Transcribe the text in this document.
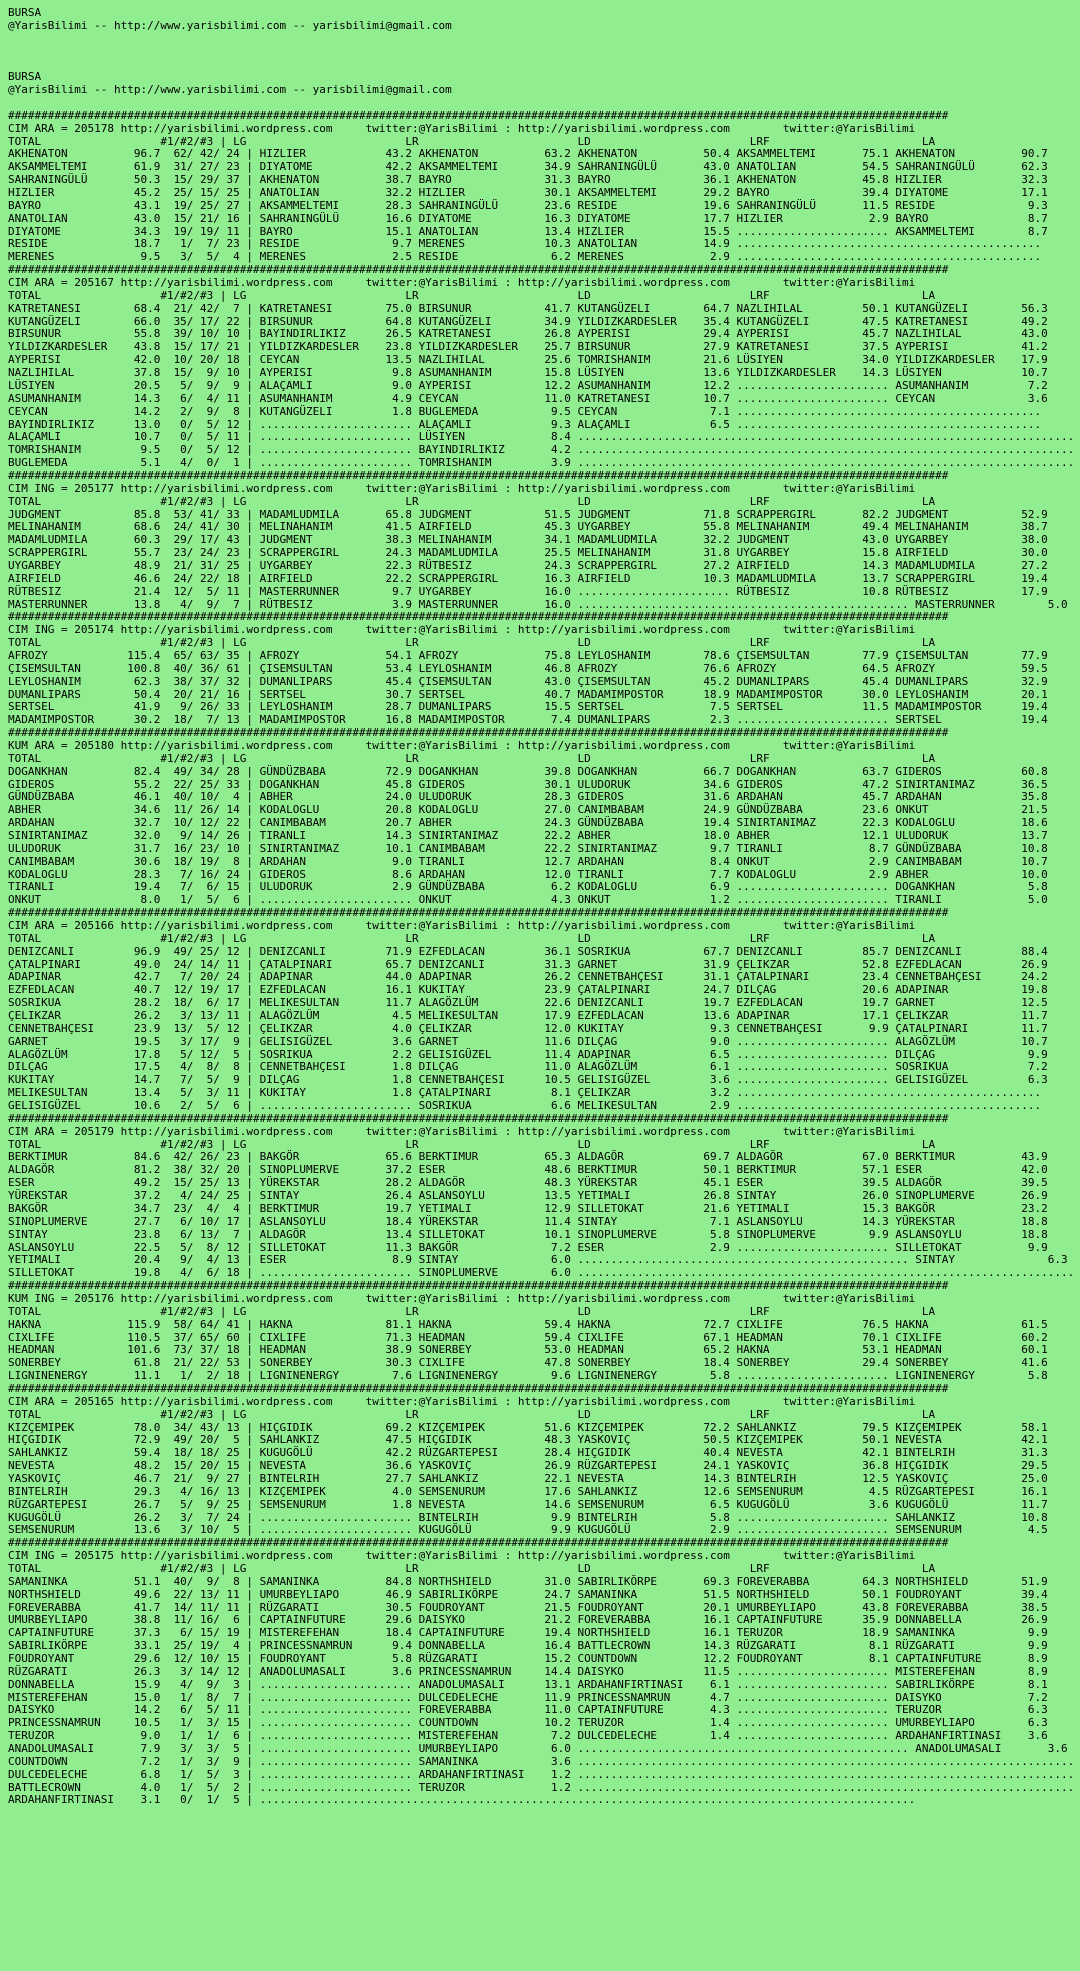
BURSA
@YarisBilimi -- http://www.yarisbilimi.com -- yarisbilimi@gmail.com
BURSA
@YarisBilimi -- http://www.yarisbilimi.com -- yarisbilimi@gmail.com
##############################################################################################################################################
CIM ARA = 205178 http://yarisbilimi.wordpress.com     twitter:@YarisBilimi : http://yarisbilimi.wordpress.com        twitter:@YarisBilimi
TOTAL                  #1/#2/#3 | LG                        LR                        LD                        LRF                       LA
AKHENATON          96.7  62/ 42/ 24 | HIZLIER            43.2 AKHENATON          63.2 AKHENATON          50.4 AKSAMMELTEMI       75.1 AKHENATON          90.7
AKSAMMELTEMI       61.9  31/ 27/ 23 | DIYATOME           42.2 AKSAMMELTEMI       34.9 SAHRANINGÜLÜ       43.0 ANATOLIAN          54.5 SAHRANINGÜLÜ       62.3
SAHRANINGÜLÜ       50.3  15/ 29/ 37 | AKHENATON          38.7 BAYRO              31.3 BAYRO              36.1 AKHENATON          45.8 HIZLIER            32.3
HIZLIER            45.2  25/ 15/ 25 | ANATOLIAN          32.2 HIZLIER            30.1 AKSAMMELTEMI       29.2 BAYRO              39.4 DIYATOME           17.1
BAYRO              43.1  19/ 25/ 27 | AKSAMMELTEMI       28.3 SAHRANINGÜLÜ       23.6 RESIDE             19.6 SAHRANINGÜLÜ       11.5 RESIDE              9.3
ANATOLIAN          43.0  15/ 21/ 16 | SAHRANINGÜLÜ       16.6 DIYATOME           16.3 DIYATOME           17.7 HIZLIER             2.9 BAYRO               8.7
DIYATOME           34.3  19/ 19/ 11 | BAYRO              15.1 ANATOLIAN          13.4 HIZLIER            15.5 ....................... AKSAMMELTEMI        8.7
RESIDE             18.7   1/  7/ 23 | RESIDE              9.7 MERENES            10.3 ANATOLIAN          14.9 ..............................................
MERENES             9.5   3/  5/  4 | MERENES             2.5 RESIDE              6.2 MERENES             2.9 ..............................................
##############################################################################################################################################
CIM ARA = 205167 http://yarisbilimi.wordpress.com     twitter:@YarisBilimi : http://yarisbilimi.wordpress.com        twitter:@YarisBilimi
TOTAL                  #1/#2/#3 | LG                        LR                        LD                        LRF                       LA
KATRETANESI        68.4  21/ 42/  7 | KATRETANESI        75.0 BIRSUNUR           41.7 KUTANGÜZELI        64.7 NAZLIHILAL         50.1 KUTANGÜZELI        56.3
KUTANGÜZELI        66.0  35/ 17/ 22 | BIRSUNUR           64.8 KUTANGÜZELI        34.9 YILDIZKARDESLER    35.4 KUTANGÜZELI        47.5 KATRETANESI        49.2
BIRSUNUR           55.8  39/ 10/ 10 | BAYINDIRLIKIZ      26.5 KATRETANESI        26.8 AYPERISI           29.4 AYPERISI           45.7 NAZLIHILAL         43.0
YILDIZKARDESLER    43.8  15/ 17/ 21 | YILDIZKARDESLER    23.8 YILDIZKARDESLER    25.7 BIRSUNUR           27.9 KATRETANESI        37.5 AYPERISI           41.2
AYPERISI           42.0  10/ 20/ 18 | CEYCAN             13.5 NAZLIHILAL         25.6 TOMRISHANIM        21.6 LÜSIYEN            34.0 YILDIZKARDESLER    17.9
NAZLIHILAL         37.8  15/  9/ 10 | AYPERISI            9.8 ASUMANHANIM        15.8 LÜSIYEN            13.6 YILDIZKARDESLER    14.3 LÜSIYEN            10.7
LÜSIYEN            20.5   5/  9/  9 | ALAÇAMLI            9.0 AYPERISI           12.2 ASUMANHANIM        12.2 ....................... ASUMANHANIM         7.2
ASUMANHANIM        14.3   6/  4/ 11 | ASUMANHANIM         4.9 CEYCAN             11.0 KATRETANESI        10.7 ....................... CEYCAN              3.6
CEYCAN             14.2   2/  9/  8 | KUTANGÜZELI         1.8 BUGLEMEDA           9.5 CEYCAN              7.1 ..............................................
BAYINDIRLIKIZ      13.0   0/  5/ 12 | ....................... ALAÇAMLI            9.3 ALAÇAMLI            6.5 ..............................................
ALAÇAMLI           10.7   0/  5/ 11 | ....................... LÜSIYEN             8.4 ...........................................................................
TOMRISHANIM         9.5   0/  5/ 12 | ....................... BAYINDIRLIKIZ       4.2 ...........................................................................
BUGLEMEDA           5.1   4/  0/  1 | ....................... TOMRISHANIM         3.9 ...........................................................................
##############################################################################################################################################
CIM ING = 205177 http://yarisbilimi.wordpress.com     twitter:@YarisBilimi : http://yarisbilimi.wordpress.com        twitter:@YarisBilimi
TOTAL                  #1/#2/#3 | LG                        LR                        LD                        LRF                       LA
JUDGMENT           85.8  53/ 41/ 33 | MADAMLUDMILA       65.8 JUDGMENT           51.5 JUDGMENT           71.8 SCRAPPERGIRL       82.2 JUDGMENT           52.9
MELINAHANIM        68.6  24/ 41/ 30 | MELINAHANIM        41.5 AIRFIELD           45.3 UYGARBEY           55.8 MELINAHANIM        49.4 MELINAHANIM        38.7
MADAMLUDMILA       60.3  29/ 17/ 43 | JUDGMENT           38.3 MELINAHANIM        34.1 MADAMLUDMILA       32.2 JUDGMENT           43.0 UYGARBEY           38.0
SCRAPPERGIRL       55.7  23/ 24/ 23 | SCRAPPERGIRL       24.3 MADAMLUDMILA       25.5 MELINAHANIM        31.8 UYGARBEY           15.8 AIRFIELD           30.0
UYGARBEY           48.9  21/ 31/ 25 | UYGARBEY           22.3 RÜTBESIZ           24.3 SCRAPPERGIRL       27.2 AIRFIELD           14.3 MADAMLUDMILA       27.2
AIRFIELD           46.6  24/ 22/ 18 | AIRFIELD           22.2 SCRAPPERGIRL       16.3 AIRFIELD           10.3 MADAMLUDMILA       13.7 SCRAPPERGIRL       19.4
RÜTBESIZ           21.4  12/  5/ 11 | MASTERRUNNER        9.7 UYGARBEY           16.0 ....................... RÜTBESIZ           10.8 RÜTBESIZ           17.9
MASTERRUNNER       13.8   4/  9/  7 | RÜTBESIZ            3.9 MASTERRUNNER       16.0 .................................................. MASTERRUNNER        5.0
##############################################################################################################################################
CIM ING = 205174 http://yarisbilimi.wordpress.com     twitter:@YarisBilimi : http://yarisbilimi.wordpress.com        twitter:@YarisBilimi
TOTAL                  #1/#2/#3 | LG                        LR                        LD                        LRF                       LA
AFROZY            115.4  65/ 63/ 35 | AFROZY             54.1 AFROZY             75.8 LEYLOSHANIM        78.6 ÇISEMSULTAN        77.9 ÇISEMSULTAN        77.9
ÇISEMSULTAN       100.8  40/ 36/ 61 | ÇISEMSULTAN        53.4 LEYLOSHANIM        46.8 AFROZY             76.6 AFROZY             64.5 AFROZY             59.5
LEYLOSHANIM        62.3  38/ 37/ 32 | DUMANLIPARS        45.4 ÇISEMSULTAN        43.0 ÇISEMSULTAN        45.2 DUMANLIPARS        45.4 DUMANLIPARS        32.9
DUMANLIPARS        50.4  20/ 21/ 16 | SERTSEL            30.7 SERTSEL            40.7 MADAMIMPOSTOR      18.9 MADAMIMPOSTOR      30.0 LEYLOSHANIM        20.1
SERTSEL            41.9   9/ 26/ 33 | LEYLOSHANIM        28.7 DUMANLIPARS        15.5 SERTSEL             7.5 SERTSEL            11.5 MADAMIMPOSTOR      19.4
MADAMIMPOSTOR      30.2  18/  7/ 13 | MADAMIMPOSTOR      16.8 MADAMIMPOSTOR       7.4 DUMANLIPARS         2.3 ....................... SERTSEL            19.4
##############################################################################################################################################
KUM ARA = 205180 http://yarisbilimi.wordpress.com     twitter:@YarisBilimi : http://yarisbilimi.wordpress.com        twitter:@YarisBilimi
TOTAL                  #1/#2/#3 | LG                        LR                        LD                        LRF                       LA
DOGANKHAN          82.4  49/ 34/ 28 | GÜNDÜZBABA         72.9 DOGANKHAN          39.8 DOGANKHAN          66.7 DOGANKHAN          63.7 GIDEROS            60.8
GIDEROS            55.2  22/ 25/ 33 | DOGANKHAN          45.8 GIDEROS            30.1 ULUDORUK           34.6 GIDEROS            47.2 SINIRTANIMAZ       36.5
GÜNDÜZBABA         46.1  40/ 10/  4 | ABHER              24.0 ULUDORUK           28.3 GIDEROS            31.6 ARDAHAN            45.7 ARDAHAN            35.8
ABHER              34.6  11/ 26/ 14 | KODALOGLU          20.8 KODALOGLU          27.0 CANIMBABAM         24.9 GÜNDÜZBABA         23.6 ONKUT              21.5
ARDAHAN            32.7  10/ 12/ 22 | CANIMBABAM         20.7 ABHER              24.3 GÜNDÜZBABA         19.4 SINIRTANIMAZ       22.3 KODALOGLU          18.6
SINIRTANIMAZ       32.0   9/ 14/ 26 | TIRANLI            14.3 SINIRTANIMAZ       22.2 ABHER              18.0 ABHER              12.1 ULUDORUK           13.7
ULUDORUK           31.7  16/ 23/ 10 | SINIRTANIMAZ       10.1 CANIMBABAM         22.2 SINIRTANIMAZ        9.7 TIRANLI             8.7 GÜNDÜZBABA         10.8
CANIMBABAM         30.6  18/ 19/  8 | ARDAHAN             9.0 TIRANLI            12.7 ARDAHAN             8.4 ONKUT               2.9 CANIMBABAM         10.7
KODALOGLU          28.3   7/ 16/ 24 | GIDEROS             8.6 ARDAHAN            12.0 TIRANLI             7.7 KODALOGLU           2.9 ABHER              10.0
TIRANLI            19.4   7/  6/ 15 | ULUDORUK            2.9 GÜNDÜZBABA          6.2 KODALOGLU           6.9 ....................... DOGANKHAN           5.8
ONKUT               8.0   1/  5/  6 | ....................... ONKUT               4.3 ONKUT               1.2 ....................... TIRANLI             5.0
##############################################################################################################################################
CIM ARA = 205166 http://yarisbilimi.wordpress.com     twitter:@YarisBilimi : http://yarisbilimi.wordpress.com        twitter:@YarisBilimi
TOTAL                  #1/#2/#3 | LG                        LR                        LD                        LRF                       LA
DENIZCANLI         96.9  49/ 25/ 12 | DENIZCANLI         71.9 EZFEDLACAN         36.1 SOSRIKUA           67.7 DENIZCANLI         85.7 DENIZCANLI         88.4
ÇATALPINARI        49.0  24/ 14/ 11 | ÇATALPINARI        65.7 DENIZCANLI         31.3 GARNET             31.9 ÇELIKZAR           52.8 EZFEDLACAN         26.9
ADAPINAR           42.7   7/ 20/ 24 | ADAPINAR           44.0 ADAPINAR           26.2 CENNETBAHÇESI      31.1 ÇATALPINARI        23.4 CENNETBAHÇESI      24.2
EZFEDLACAN         40.7  12/ 19/ 17 | EZFEDLACAN         16.1 KUKITAY            23.9 ÇATALPINARI        24.7 DILÇAG             20.6 ADAPINAR           19.8
SOSRIKUA           28.2  18/  6/ 17 | MELIKESULTAN       11.7 ALAGÖZLÜM          22.6 DENIZCANLI         19.7 EZFEDLACAN         19.7 GARNET             12.5
ÇELIKZAR           26.2   3/ 13/ 11 | ALAGÖZLÜM           4.5 MELIKESULTAN       17.9 EZFEDLACAN         13.6 ADAPINAR           17.1 ÇELIKZAR           11.7
CENNETBAHÇESI      23.9  13/  5/ 12 | ÇELIKZAR            4.0 ÇELIKZAR           12.0 KUKITAY             9.3 CENNETBAHÇESI       9.9 ÇATALPINARI        11.7
GARNET             19.5   3/ 17/  9 | GELISIGÜZEL         3.6 GARNET             11.6 DILÇAG              9.0 ....................... ALAGÖZLÜM          10.7
ALAGÖZLÜM          17.8   5/ 12/  5 | SOSRIKUA            2.2 GELISIGÜZEL        11.4 ADAPINAR            6.5 ....................... DILÇAG              9.9
DILÇAG             17.5   4/  8/  8 | CENNETBAHÇESI       1.8 DILÇAG             11.0 ALAGÖZLÜM           6.1 ....................... SOSRIKUA            7.2
KUKITAY            14.7   7/  5/  9 | DILÇAG              1.8 CENNETBAHÇESI      10.5 GELISIGÜZEL         3.6 ....................... GELISIGÜZEL         6.3
MELIKESULTAN       13.4   5/  3/ 11 | KUKITAY             1.8 ÇATALPINARI         8.1 ÇELIKZAR            3.2 ..............................................
GELISIGÜZEL        10.6   2/  5/  6 | ....................... SOSRIKUA            6.6 MELIKESULTAN        2.9 ..............................................
##############################################################################################################################################
CIM ARA = 205179 http://yarisbilimi.wordpress.com     twitter:@YarisBilimi : http://yarisbilimi.wordpress.com        twitter:@YarisBilimi
TOTAL                  #1/#2/#3 | LG                        LR                        LD                        LRF                       LA
BERKTIMUR          84.6  42/ 26/ 23 | BAKGÖR             65.6 BERKTIMUR          65.3 ALDAGÖR            69.7 ALDAGÖR            67.0 BERKTIMUR          43.9
ALDAGÖR            81.2  38/ 32/ 20 | SINOPLUMERVE       37.2 ESER               48.6 BERKTIMUR          50.1 BERKTIMUR          57.1 ESER               42.0
ESER               49.2  15/ 25/ 13 | YÜREKSTAR          28.2 ALDAGÖR            48.3 YÜREKSTAR          45.1 ESER               39.5 ALDAGÖR            39.5
YÜREKSTAR          37.2   4/ 24/ 25 | SINTAY             26.4 ASLANSOYLU         13.5 YETIMALI           26.8 SINTAY             26.0 SINOPLUMERVE       26.9
BAKGÖR             34.7  23/  4/  4 | BERKTIMUR          19.7 YETIMALI           12.9 SILLETOKAT         21.6 YETIMALI           15.3 BAKGÖR             23.2
SINOPLUMERVE       27.7   6/ 10/ 17 | ASLANSOYLU         18.4 YÜREKSTAR          11.4 SINTAY              7.1 ASLANSOYLU         14.3 YÜREKSTAR          18.8
SINTAY             23.8   6/ 13/  7 | ALDAGÖR            13.4 SILLETOKAT         10.1 SINOPLUMERVE        5.8 SINOPLUMERVE        9.9 ASLANSOYLU         18.8
ASLANSOYLU         22.5   5/  8/ 12 | SILLETOKAT         11.3 BAKGÖR              7.2 ESER                2.9 ....................... SILLETOKAT          9.9
YETIMALI           20.4   9/  4/ 13 | ESER                8.9 SINTAY              6.0 .................................................. SINTAY              6.3
SILLETOKAT         19.8   4/  6/ 18 | ....................... SINOPLUMERVE        6.0 ...........................................................................
##############################################################################################################################################
KUM ING = 205176 http://yarisbilimi.wordpress.com     twitter:@YarisBilimi : http://yarisbilimi.wordpress.com        twitter:@YarisBilimi
TOTAL                  #1/#2/#3 | LG                        LR                        LD                        LRF                       LA
HAKNA             115.9  58/ 64/ 41 | HAKNA              81.1 HAKNA              59.4 HAKNA              72.7 CIXLIFE            76.5 HAKNA              61.5
CIXLIFE           110.5  37/ 65/ 60 | CIXLIFE            71.3 HEADMAN            59.4 CIXLIFE            67.1 HEADMAN            70.1 CIXLIFE            60.2
HEADMAN           101.6  73/ 37/ 18 | HEADMAN            38.9 SONERBEY           53.0 HEADMAN            65.2 HAKNA              53.1 HEADMAN            60.1
SONERBEY           61.8  21/ 22/ 53 | SONERBEY           30.3 CIXLIFE            47.8 SONERBEY           18.4 SONERBEY           29.4 SONERBEY           41.6
LIGNINENERGY       11.1   1/  2/ 18 | LIGNINENERGY        7.6 LIGNINENERGY        9.6 LIGNINENERGY        5.8 ....................... LIGNINENERGY        5.8
##############################################################################################################################################
CIM ARA = 205165 http://yarisbilimi.wordpress.com     twitter:@YarisBilimi : http://yarisbilimi.wordpress.com        twitter:@YarisBilimi
TOTAL                  #1/#2/#3 | LG                        LR                        LD                        LRF                       LA
KIZÇEMIPEK         78.0  34/ 43/ 13 | HIÇGIDIK           69.2 KIZÇEMIPEK         51.6 KIZÇEMIPEK         72.2 SAHLANKIZ          79.5 KIZÇEMIPEK         58.1
HIÇGIDIK           72.9  49/ 20/  5 | SAHLANKIZ          47.5 HIÇGIDIK           48.3 YASKOVIÇ           50.5 KIZÇEMIPEK         50.1 NEVESTA            42.1
SAHLANKIZ          59.4  18/ 18/ 25 | KUGUGÖLÜ           42.2 RÜZGARTEPESI       28.4 HIÇGIDIK           40.4 NEVESTA            42.1 BINTELRIH          31.3
NEVESTA            48.2  15/ 20/ 15 | NEVESTA            36.6 YASKOVIÇ           26.9 RÜZGARTEPESI       24.1 YASKOVIÇ           36.8 HIÇGIDIK           29.5
YASKOVIÇ           46.7  21/  9/ 27 | BINTELRIH          27.7 SAHLANKIZ          22.1 NEVESTA            14.3 BINTELRIH          12.5 YASKOVIÇ           25.0
BINTELRIH          29.3   4/ 16/ 13 | KIZÇEMIPEK          4.0 SEMSENURUM         17.6 SAHLANKIZ          12.6 SEMSENURUM          4.5 RÜZGARTEPESI       16.1
RÜZGARTEPESI       26.7   5/  9/ 25 | SEMSENURUM          1.8 NEVESTA            14.6 SEMSENURUM          6.5 KUGUGÖLÜ            3.6 KUGUGÖLÜ           11.7
KUGUGÖLÜ           26.2   3/  7/ 24 | ....................... BINTELRIH           9.9 BINTELRIH           5.8 ....................... SAHLANKIZ          10.8
SEMSENURUM         13.6   3/ 10/  5 | ....................... KUGUGÖLÜ            9.9 KUGUGÖLÜ            2.9 ....................... SEMSENURUM          4.5
##############################################################################################################################################
CIM ING = 205175 http://yarisbilimi.wordpress.com     twitter:@YarisBilimi : http://yarisbilimi.wordpress.com        twitter:@YarisBilimi
TOTAL                  #1/#2/#3 | LG                        LR                        LD                        LRF                       LA
SAMANINKA          51.1  40/  9/  8 | SAMANINKA          84.8 NORTHSHIELD        31.0 SABIRLIKÖRPE       69.3 FOREVERABBA        64.3 NORTHSHIELD        51.9
NORTHSHIELD        49.6  22/ 13/ 11 | UMURBEYLIAPO       46.9 SABIRLIKÖRPE       24.7 SAMANINKA          51.5 NORTHSHIELD        50.1 FOUDROYANT         39.4
FOREVERABBA        41.7  14/ 11/ 11 | RÜZGARATI          30.5 FOUDROYANT         21.5 FOUDROYANT         20.1 UMURBEYLIAPO       43.8 FOREVERABBA        38.5
UMURBEYLIAPO       38.8  11/ 16/  6 | CAPTAINFUTURE      29.6 DAISYKO            21.2 FOREVERABBA        16.1 CAPTAINFUTURE      35.9 DONNABELLA         26.9
CAPTAINFUTURE      37.3   6/ 15/ 19 | MISTEREFEHAN       18.4 CAPTAINFUTURE      19.4 NORTHSHIELD        16.1 TERUZOR            18.9 SAMANINKA           9.9
SABIRLIKÖRPE       33.1  25/ 19/  4 | PRINCESSNAMRUN      9.4 DONNABELLA         16.4 BATTLECROWN        14.3 RÜZGARATI           8.1 RÜZGARATI           9.9
FOUDROYANT         29.6  12/ 10/ 15 | FOUDROYANT          5.8 RÜZGARATI          15.2 COUNTDOWN          12.2 FOUDROYANT          8.1 CAPTAINFUTURE       8.9
RÜZGARATI          26.3   3/ 14/ 12 | ANADOLUMASALI       3.6 PRINCESSNAMRUN     14.4 DAISYKO            11.5 ....................... MISTEREFEHAN        8.9
DONNABELLA         15.9   4/  9/  3 | ....................... ANADOLUMASALI      13.1 ARDAHANFIRTINASI    6.1 ....................... SABIRLIKÖRPE        8.1
MISTEREFEHAN       15.0   1/  8/  7 | ....................... DULCEDELECHE       11.9 PRINCESSNAMRUN      4.7 ....................... DAISYKO             7.2
DAISYKO            14.2   6/  5/ 11 | ....................... FOREVERABBA        11.0 CAPTAINFUTURE       4.3 ....................... TERUZOR             6.3
PRINCESSNAMRUN     10.5   1/  3/ 15 | ....................... COUNTDOWN          10.2 TERUZOR             1.4 ....................... UMURBEYLIAPO        6.3
TERUZOR             9.0   1/  1/  6 | ....................... MISTEREFEHAN        7.2 DULCEDELECHE        1.4 ....................... ARDAHANFIRTINASI    3.6
ANADOLUMASALI       7.9   3/  3/  5 | ....................... UMURBEYLIAPO        6.0 .................................................. ANADOLUMASALI       3.6
COUNTDOWN           7.2   1/  3/  9 | ....................... SAMANINKA           3.6 ...........................................................................
DULCEDELECHE        6.8   1/  5/  3 | ....................... ARDAHANFIRTINASI    1.2 ...........................................................................
BATTLECROWN         4.0   1/  5/  2 | ....................... TERUZOR             1.2 ...........................................................................
ARDAHANFIRTINASI    3.1   0/  1/  5 | ...................................................................................................
